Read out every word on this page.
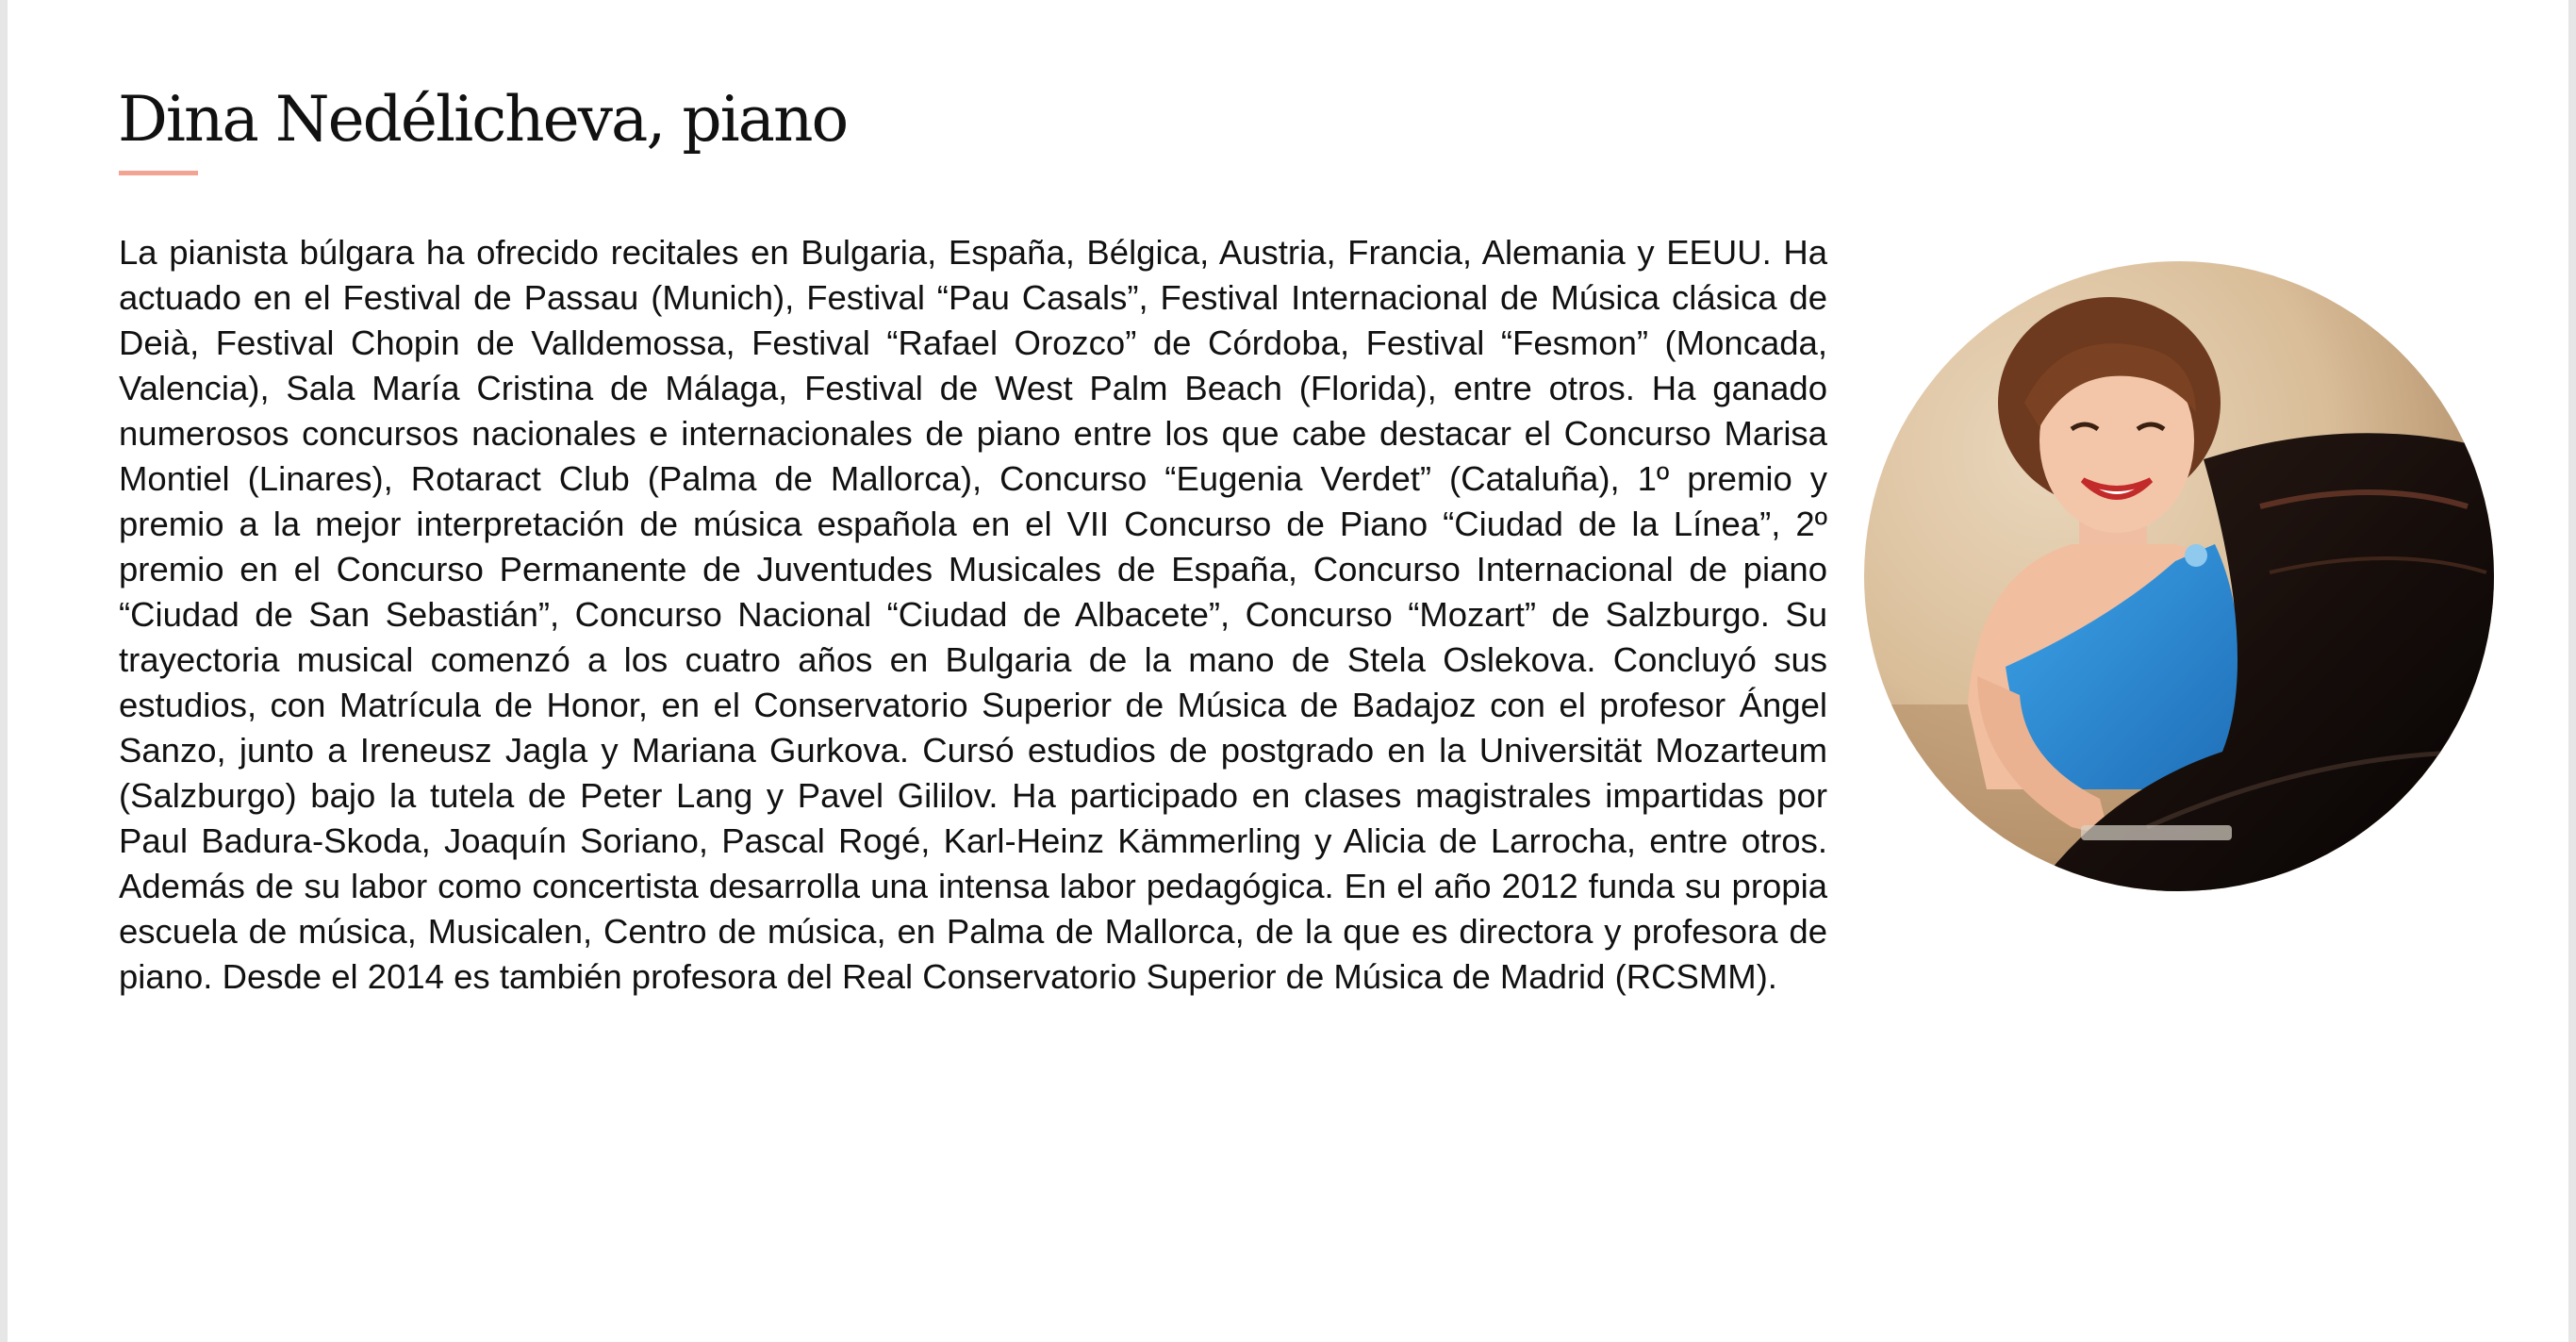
Dina Nedélicheva, piano

La pianista búlgara ha ofrecido recitales en Bulgaria, España, Bélgica, Austria, Francia, Alemania y EEUU. Ha actuado en el Festival de Passau (Munich), Festival “Pau Casals”, Festival Internacional de Música clásica de Deià, Festival Chopin de Valldemossa, Festival “Rafael Orozco” de Córdoba, Festival “Fesmon” (Moncada, Valencia), Sala María Cristina de Málaga, Festival de West Palm Beach (Florida), entre otros. Ha ganado numerosos concursos nacionales e internacionales de piano entre los que cabe destacar el Concurso Marisa Montiel (Linares), Rotaract Club (Palma de Mallorca), Concurso “Eugenia Verdet” (Cataluña), 1º premio y premio a la mejor interpretación de música española en el VII Concurso de Piano “Ciudad de la Línea”, 2º premio en el Concurso Permanente de Juventudes Musicales de España, Concurso Internacional de piano “Ciudad de San Sebastián”, Concurso Nacional “Ciudad de Albacete”, Concurso “Mozart” de Salzburgo. Su trayectoria musical comenzó a los cuatro años en Bulgaria de la mano de Stela Oslekova. Concluyó sus estudios, con Matrícula de Honor, en el Conservatorio Superior de Música de Badajoz con el profesor Ángel Sanzo, junto a Ireneusz Jagla y Mariana Gurkova. Cursó estudios de postgrado en la Universität Mozarteum (Salzburgo) bajo la tutela de Peter Lang y Pavel Gililov. Ha participado en clases magistrales impartidas por Paul Badura-Skoda, Joaquín Soriano, Pascal Rogé, Karl-Heinz Kämmerling y Alicia de Larrocha, entre otros. Además de su labor como concertista desarrolla una intensa labor pedagógica. En el año 2012 funda su propia escuela de música, Musicalen, Centro de música, en Palma de Mallorca, de la que es directora y profesora de piano. Desde el 2014 es también profesora del Real Conservatorio Superior de Música de Madrid (RCSMM).
